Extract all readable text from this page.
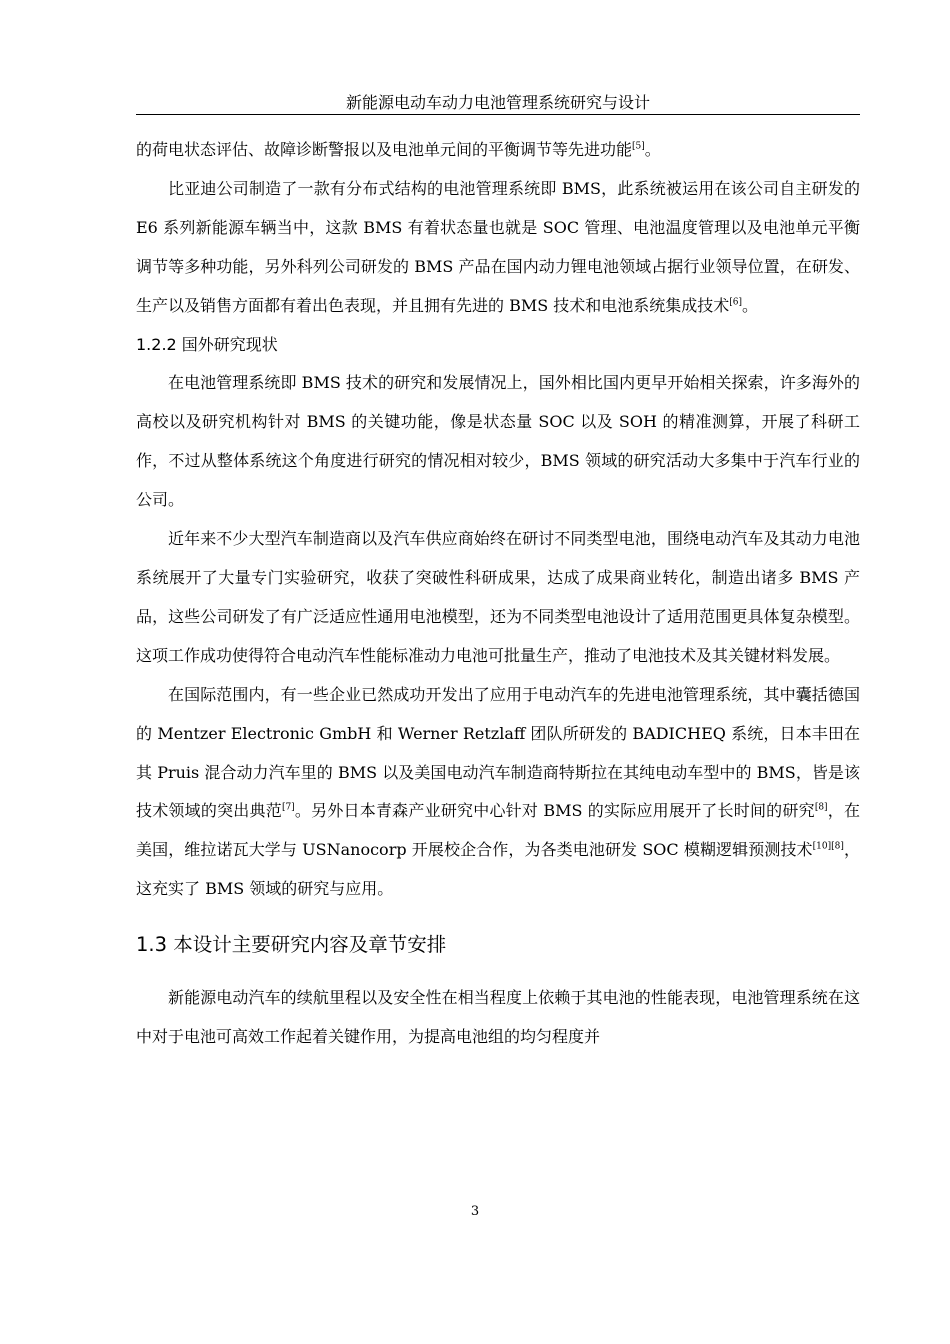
新能源电动车动力电池管理系统研究与设计

的荷电状态评估、故障诊断警报以及电池单元间的平衡调节等先进功能[5]。

比亚迪公司制造了一款有分布式结构的电池管理系统即 BMS，此系统被运用在该公司自主研发的 E6 系列新能源车辆当中，这款 BMS 有着状态量也就是 SOC 管理、电池温度管理以及电池单元平衡调节等多种功能，另外科列公司研发的 BMS 产品在国内动力锂电池领域占据行业领导位置，在研发、生产以及销售方面都有着出色表现，并且拥有先进的 BMS 技术和电池系统集成技术[6]。

1.2.2 国外研究现状

在电池管理系统即 BMS 技术的研究和发展情况上，国外相比国内更早开始相关探索，许多海外的高校以及研究机构针对 BMS 的关键功能，像是状态量 SOC 以及 SOH 的精准测算，开展了科研工作，不过从整体系统这个角度进行研究的情况相对较少，BMS 领域的研究活动大多集中于汽车行业的公司。

近年来不少大型汽车制造商以及汽车供应商始终在研讨不同类型电池，围绕电动汽车及其动力电池系统展开了大量专门实验研究，收获了突破性科研成果，达成了成果商业转化，制造出诸多 BMS 产品，这些公司研发了有广泛适应性通用电池模型，还为不同类型电池设计了适用范围更具体复杂模型。这项工作成功使得符合电动汽车性能标准动力电池可批量生产，推动了电池技术及其关键材料发展。

在国际范围内，有一些企业已然成功开发出了应用于电动汽车的先进电池管理系统，其中囊括德国的 Mentzer Electronic GmbH 和 Werner Retzlaff 团队所研发的 BADICHEQ 系统，日本丰田在其 Pruis 混合动力汽车里的 BMS 以及美国电动汽车制造商特斯拉在其纯电动车型中的 BMS，皆是该技术领域的突出典范[7]。另外日本青森产业研究中心针对 BMS 的实际应用展开了长时间的研究[8]，在美国，维拉诺瓦大学与 USNanocorp 开展校企合作，为各类电池研发 SOC 模糊逻辑预测技术[10][8]，这充实了 BMS 领域的研究与应用。

1.3 本设计主要研究内容及章节安排

新能源电动汽车的续航里程以及安全性在相当程度上依赖于其电池的性能表现，电池管理系统在这中对于电池可高效工作起着关键作用，为提高电池组的均匀程度并

3
